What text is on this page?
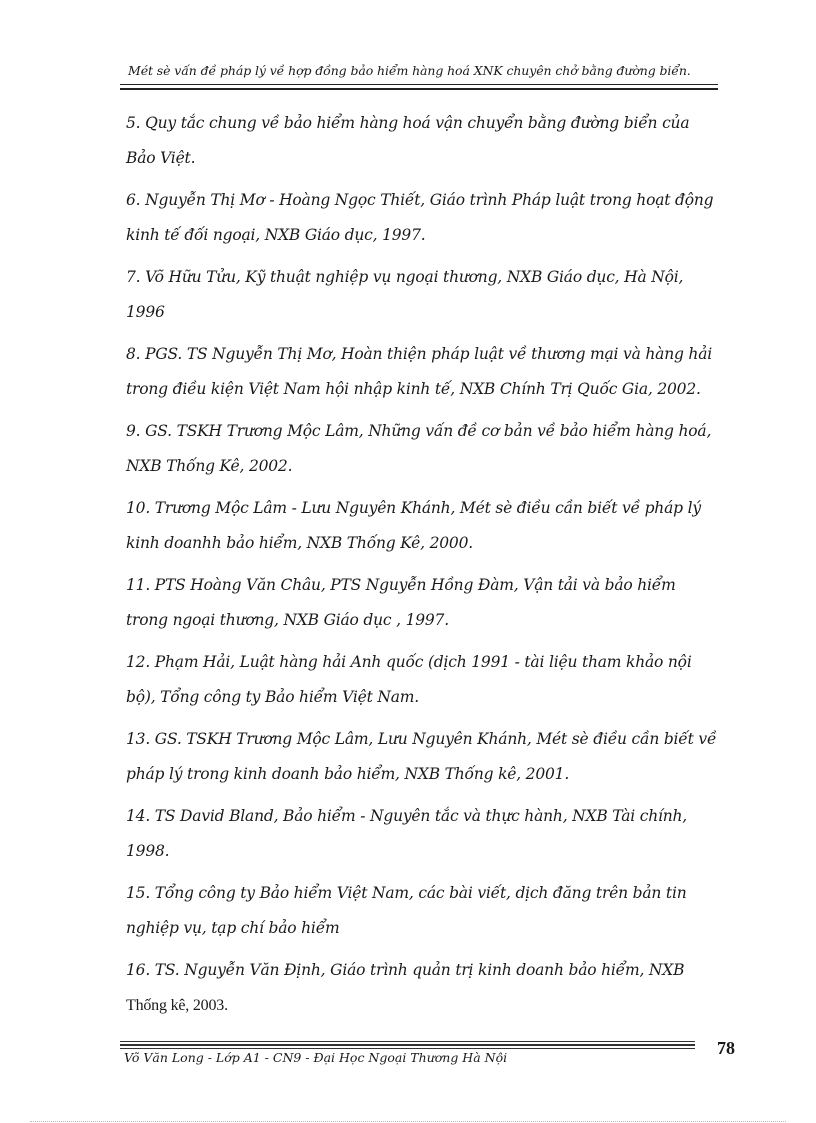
Mét sè vấn đề pháp lý về hợp đồng bảo hiểm hàng hoá XNK chuyên chở bằng đường biển.
5. Quy tắc chung về bảo hiểm hàng hoá vận chuyển bằng đường biển của Bảo Việt.
6. Nguyễn Thị Mơ - Hoàng Ngọc Thiết, Giáo trình Pháp luật trong hoạt động kinh tế đối ngoại, NXB Giáo dục, 1997.
7. Võ Hữu Tửu, Kỹ thuật nghiệp vụ ngoại thương, NXB Giáo dục, Hà Nội, 1996
8. PGS. TS Nguyễn Thị Mơ, Hoàn thiện pháp luật về thương mại và hàng hải trong điều kiện Việt Nam hội nhập kinh tế, NXB Chính Trị Quốc Gia, 2002.
9. GS. TSKH Trương Mộc Lâm, Những vấn đề cơ bản về bảo hiểm hàng hoá, NXB Thống Kê, 2002.
10. Trương Mộc Lâm - Lưu Nguyên Khánh, Mét sè điều cần biết về pháp lý kinh doanhh bảo hiểm, NXB Thống Kê, 2000.
11. PTS Hoàng Văn Châu, PTS Nguyễn Hồng Đàm, Vận tải và bảo hiểm trong ngoại thương, NXB Giáo dục , 1997.
12. Phạm Hải, Luật hàng hải Anh quốc (dịch 1991 - tài liệu tham khảo nội bộ), Tổng công ty Bảo hiểm Việt Nam.
13. GS. TSKH Trương Mộc Lâm, Lưu Nguyên Khánh, Mét sè điều cần biết về pháp lý trong kinh doanh bảo hiểm, NXB Thống kê, 2001.
14. TS David Bland, Bảo hiểm - Nguyên tắc và thực hành, NXB Tài chính, 1998.
15. Tổng công ty Bảo hiểm Việt Nam, các bài viết, dịch đăng trên bản tin nghiệp vụ, tạp chí bảo hiểm
16. TS. Nguyễn Văn Định, Giáo trình quản trị kinh doanh bảo hiểm, NXB
Thống kê, 2003.
Võ Văn Long - Lớp A1 - CN9 - Đại Học Ngoại Thương Hà Nội	78
